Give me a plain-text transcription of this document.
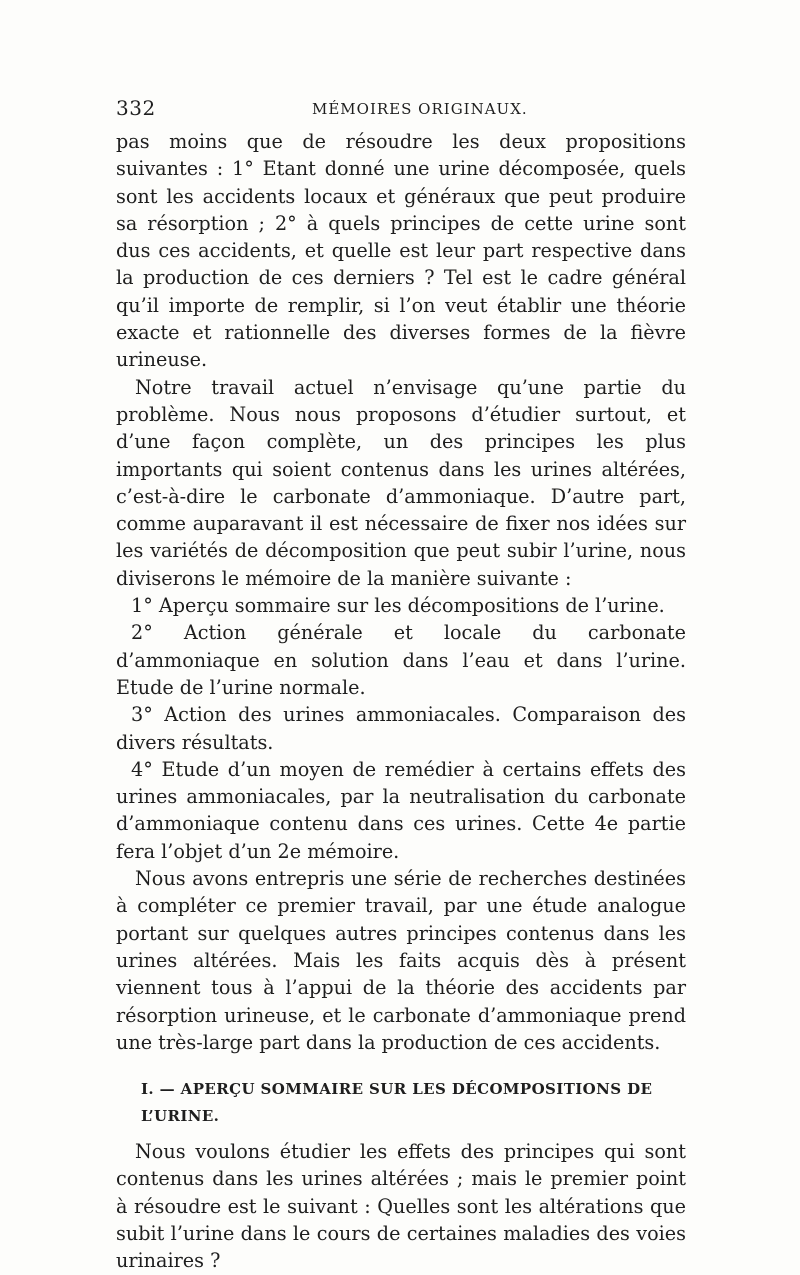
332	MÉMOIRES ORIGINAUX.

pas moins que de résoudre les deux propositions suivantes : 1° Etant donné une urine décomposée, quels sont les accidents locaux et généraux que peut produire sa résorption ; 2° à quels principes de cette urine sont dus ces accidents, et quelle est leur part respective dans la production de ces derniers ? Tel est le cadre général qu’il importe de remplir, si l’on veut établir une théorie exacte et rationnelle des diverses formes de la fièvre urineuse.

Notre travail actuel n’envisage qu’une partie du problème. Nous nous proposons d’étudier surtout, et d’une façon complète, un des principes les plus importants qui soient contenus dans les urines altérées, c’est-à-dire le carbonate d’ammoniaque. D’autre part, comme auparavant il est nécessaire de fixer nos idées sur les variétés de décomposition que peut subir l’urine, nous diviserons le mémoire de la manière suivante :

1° Aperçu sommaire sur les décompositions de l’urine.

2° Action générale et locale du carbonate d’ammoniaque en solution dans l’eau et dans l’urine. Etude de l’urine normale.

3° Action des urines ammoniacales. Comparaison des divers résultats.

4° Etude d’un moyen de remédier à certains effets des urines ammoniacales, par la neutralisation du carbonate d’ammoniaque contenu dans ces urines. Cette 4e partie fera l’objet d’un 2e mémoire.

Nous avons entrepris une série de recherches destinées à compléter ce premier travail, par une étude analogue portant sur quelques autres principes contenus dans les urines altérées. Mais les faits acquis dès à présent viennent tous à l’appui de la théorie des accidents par résorption urineuse, et le carbonate d’ammoniaque prend une très-large part dans la production de ces accidents.

I. — APERÇU SOMMAIRE SUR LES DÉCOMPOSITIONS DE L’URINE.

Nous voulons étudier les effets des principes qui sont contenus dans les urines altérées ; mais le premier point à résoudre est le suivant : Quelles sont les altérations que subit l’urine dans le cours de certaines maladies des voies urinaires ?
